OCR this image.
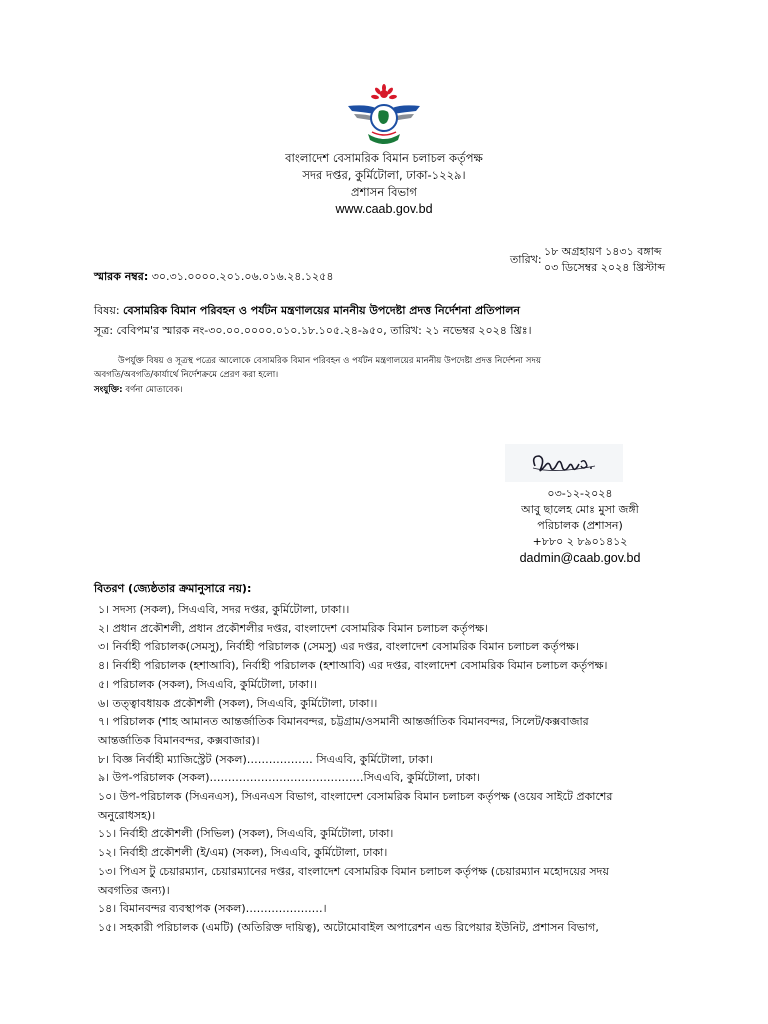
বাংলাদেশ বেসামরিক বিমান চলাচল কর্তৃপক্ষ
সদর দপ্তর, কুর্মিটোলা, ঢাকা-১২২৯।
প্রশাসন বিভাগ
www.caab.gov.bd
তারিখ:
১৮ অগ্রহায়ণ ১৪৩১ বঙ্গাব্দ
০৩ ডিসেম্বর ২০২৪ খ্রিস্টাব্দ
স্মারক নম্বর: ৩০.৩১.০০০০.২০১.০৬.০১৬.২৪.১২৫৪
বিষয়: বেসামরিক বিমান পরিবহন ও পর্যটন মন্ত্রণালয়ের মাননীয় উপদেষ্টা প্রদত্ত নির্দেশনা প্রতিপালন
সূত্র: বেবিপম'র স্মারক নং-৩০.০০.০০০০.০১০.১৮.১০৫.২৪-৯৫০, তারিখ: ২১ নভেম্বর ২০২৪ খ্রিঃ।
উপর্যুক্ত বিষয় ও সূত্রস্থ পত্রের আলোকে বেসামরিক বিমান পরিবহন ও পর্যটন মন্ত্রণালয়ের মাননীয় উপদেষ্টা প্রদত্ত নির্দেশনা সদয়
অবগতি/অবগতি/কার্যার্থে নির্দেশক্রমে প্রেরণ করা হলো।
সংযুক্তি: বর্ণনা মোতাবেক।
০৩-১২-২০২৪
আবু ছালেহ মোঃ মুসা জঙ্গী
পরিচালক (প্রশাসন)
+৮৮০ ২ ৮৯০১৪১২
dadmin@caab.gov.bd
বিতরণ (জ্যেষ্ঠতার ক্রমানুসারে নয়):
১। সদস্য (সকল), সিএএবি, সদর দপ্তর, কুর্মিটোলা, ঢাকা।।
২। প্রধান প্রকৌশলী, প্রধান প্রকৌশলীর দপ্তর, বাংলাদেশ বেসামরিক বিমান চলাচল কর্তৃপক্ষ।
৩। নির্বাহী পরিচালক(সেমসু), নির্বাহী পরিচালক (সেমসু) এর দপ্তর, বাংলাদেশ বেসামরিক বিমান চলাচল কর্তৃপক্ষ।
৪। নির্বাহী পরিচালক (হশাআবি), নির্বাহী পরিচালক (হশাআবি) এর দপ্তর, বাংলাদেশ বেসামরিক বিমান চলাচল কর্তৃপক্ষ।
৫। পরিচালক (সকল), সিএএবি, কুর্মিটোলা, ঢাকা।।
৬। তত্ত্বাবধায়ক প্রকৌশলী (সকল), সিএএবি, কুর্মিটোলা, ঢাকা।।
৭। পরিচালক (শাহ আমানত আন্তর্জাতিক বিমানবন্দর, চট্টগ্রাম/ওসমানী আন্তর্জাতিক বিমানবন্দর, সিলেট/কক্সবাজার
আন্তর্জাতিক বিমানবন্দর, কক্সবাজার)।
৮। বিজ্ঞ নির্বাহী ম্যাজিস্ট্রেট (সকল)……………… সিএএবি, কুর্মিটোলা, ঢাকা।
৯। উপ-পরিচালক (সকল)……………………………………সিএএবি, কুর্মিটোলা, ঢাকা।
১০। উপ-পরিচালক (সিএনএস), সিএনএস বিভাগ, বাংলাদেশ বেসামরিক বিমান চলাচল কর্তৃপক্ষ (ওয়েব সাইটে প্রকাশের
অনুরোধসহ)।
১১। নির্বাহী প্রকৌশলী (সিভিল) (সকল), সিএএবি, কুর্মিটোলা, ঢাকা।
১২। নির্বাহী প্রকৌশলী (ই/এম) (সকল), সিএএবি, কুর্মিটোলা, ঢাকা।
১৩। পিএস টু চেয়ারম্যান, চেয়ারম্যানের দপ্তর, বাংলাদেশ বেসামরিক বিমান চলাচল কর্তৃপক্ষ (চেয়ারম্যান মহোদয়ের সদয়
অবগতির জন্য)।
১৪। বিমানবন্দর ব্যবস্থাপক (সকল)…………………।
১৫। সহকারী পরিচালক (এমটি) (অতিরিক্ত দায়িত্ব), অটোমোবাইল অপারেশন এন্ড রিপেয়ার ইউনিট, প্রশাসন বিভাগ,
